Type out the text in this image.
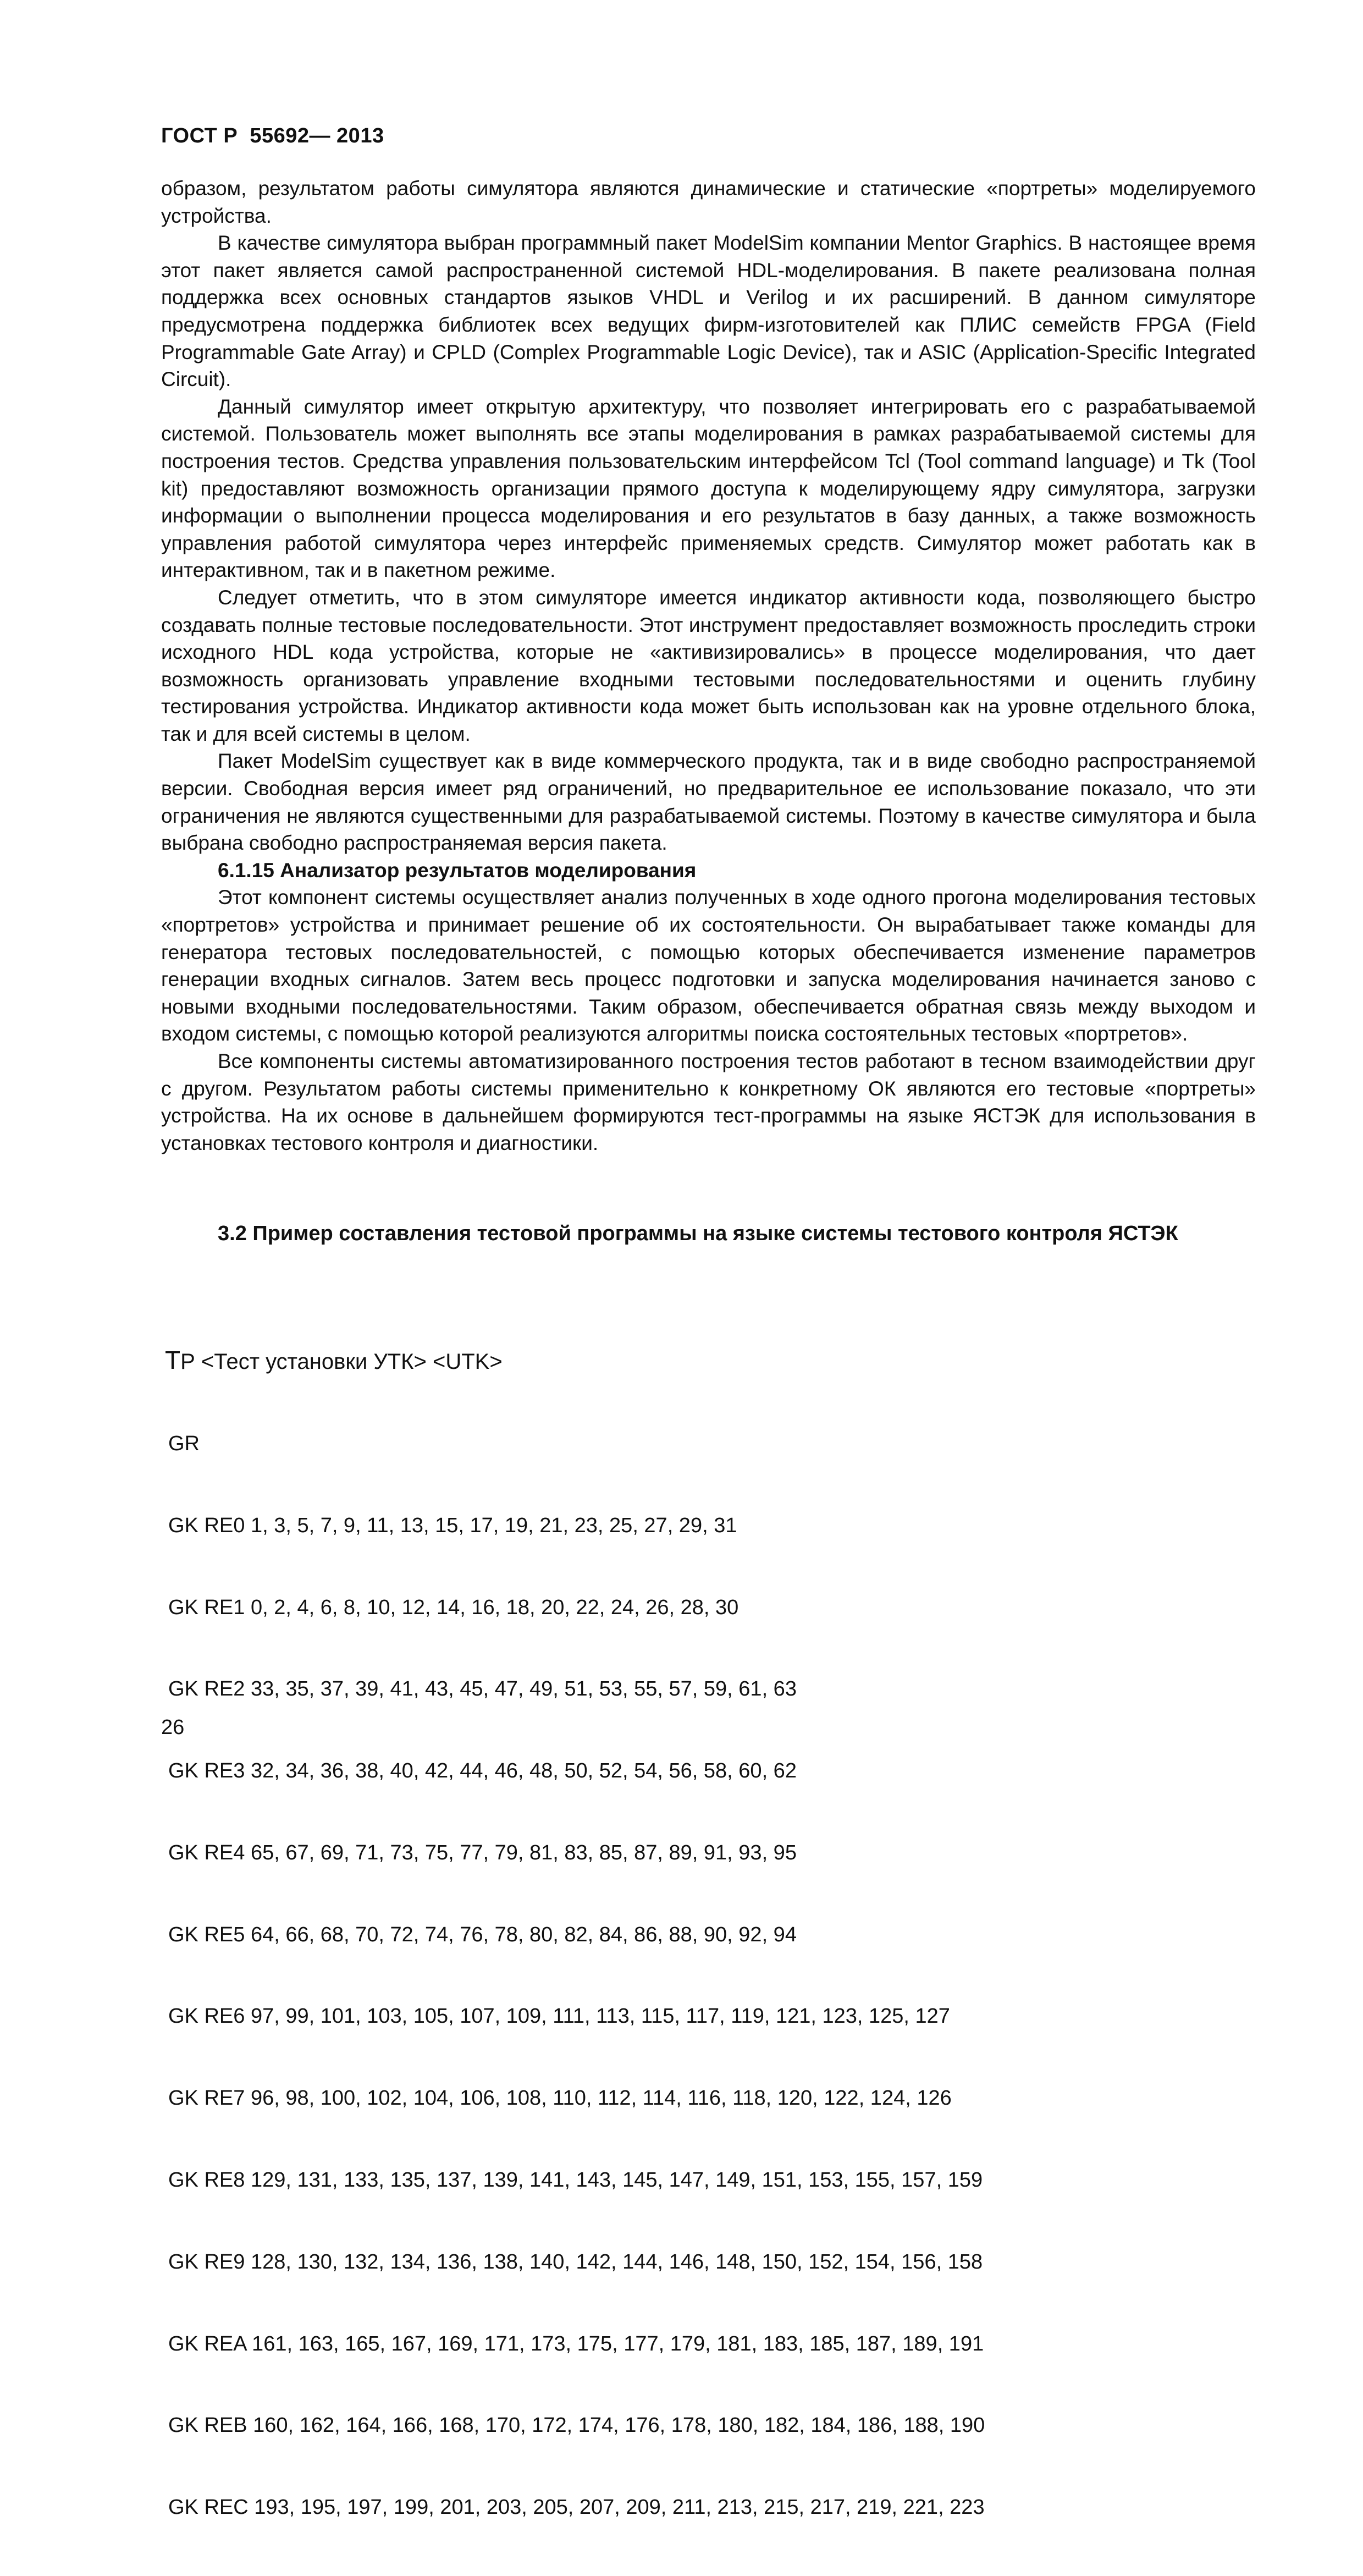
ГОСТ Р  55692— 2013

образом, результатом работы симулятора являются динамические и статические «портреты» моделируемого устройства.

В качестве симулятора выбран программный пакет ModelSim компании Mentor Graphics. В настоящее время этот пакет является самой распространенной системой HDL-моделирования. В пакете реализована полная поддержка всех основных стандартов языков VHDL и Verilog и их расширений. В данном симуляторе предусмотрена поддержка библиотек всех ведущих фирм-изготовителей как ПЛИС семейств FPGA (Field Programmable Gate Array) и CPLD (Complex Programmable Logic Device), так и ASIC (Application-Specific Integrated Circuit).

Данный симулятор имеет открытую архитектуру, что позволяет интегрировать его с разрабатываемой системой. Пользователь может выполнять все этапы моделирования в рамках разрабатываемой системы для построения тестов. Средства управления пользовательским интерфейсом Tcl (Tool command language) и Tk (Tool kit) предоставляют возможность организации прямого доступа к моделирующему ядру симулятора, загрузки информации о выполнении процесса моделирования и его результатов в базу данных, а также возможность управления работой симулятора через интерфейс применяемых средств. Симулятор может работать как в интерактивном, так и в пакетном режиме.

Следует отметить, что в этом симуляторе имеется индикатор активности кода, позволяющего быстро создавать полные тестовые последовательности. Этот инструмент предоставляет возможность проследить строки исходного HDL кода устройства, которые не «активизировались» в процессе моделирования, что дает возможность организовать управление входными тестовыми последовательностями и оценить глубину тестирования устройства. Индикатор активности кода может быть использован как на уровне отдельного блока, так и для всей системы в целом.

Пакет ModelSim существует как в виде коммерческого продукта, так и в виде свободно распространяемой версии. Свободная версия имеет ряд ограничений, но предварительное ее использование показало, что эти ограничения не являются существенными для разрабатываемой системы. Поэтому в качестве симулятора и была выбрана свободно распространяемая версия пакета.

6.1.15 Анализатор результатов моделирования

Этот компонент системы осуществляет анализ полученных в ходе одного прогона моделирования тестовых «портретов» устройства и принимает решение об их состоятельности. Он вырабатывает также команды для генератора тестовых последовательностей, с помощью которых обеспечивается изменение параметров генерации входных сигналов. Затем весь процесс подготовки и запуска моделирования начинается заново с новыми входными последовательностями. Таким образом, обеспечивается обратная связь между выходом и входом системы, с помощью которой реализуются алгоритмы поиска состоятельных тестовых «портретов».

Все компоненты системы автоматизированного построения тестов работают в тесном взаимодействии друг с другом. Результатом работы системы применительно к конкретному ОК являются его тестовые «портреты» устройства. На их основе в дальнейшем формируются тест-программы на языке ЯСТЭК для использования в установках тестового контроля и диагностики.

3.2 Пример составления тестовой программы на языке системы тестового контроля ЯСТЭК

ТР <Тест установки УТК> <UTK>

GR

GK RE0 1, 3, 5, 7, 9, 11, 13, 15, 17, 19, 21, 23, 25, 27, 29, 31

GK RE1 0, 2, 4, 6, 8, 10, 12, 14, 16, 18, 20, 22, 24, 26, 28, 30

GK RE2 33, 35, 37, 39, 41, 43, 45, 47, 49, 51, 53, 55, 57, 59, 61, 63

GK RE3 32, 34, 36, 38, 40, 42, 44, 46, 48, 50, 52, 54, 56, 58, 60, 62

GK RE4 65, 67, 69, 71, 73, 75, 77, 79, 81, 83, 85, 87, 89, 91, 93, 95

GK RE5 64, 66, 68, 70, 72, 74, 76, 78, 80, 82, 84, 86, 88, 90, 92, 94

GK RE6 97, 99, 101, 103, 105, 107, 109, 111, 113, 115, 117, 119, 121, 123, 125, 127

GK RE7 96, 98, 100, 102, 104, 106, 108, 110, 112, 114, 116, 118, 120, 122, 124, 126

GK RE8 129, 131, 133, 135, 137, 139, 141, 143, 145, 147, 149, 151, 153, 155, 157, 159

GK RE9 128, 130, 132, 134, 136, 138, 140, 142, 144, 146, 148, 150, 152, 154, 156, 158

GK REA 161, 163, 165, 167, 169, 171, 173, 175, 177, 179, 181, 183, 185, 187, 189, 191

GK REB 160, 162, 164, 166, 168, 170, 172, 174, 176, 178, 180, 182, 184, 186, 188, 190

GK REC 193, 195, 197, 199, 201, 203, 205, 207, 209, 211, 213, 215, 217, 219, 221, 223

26
